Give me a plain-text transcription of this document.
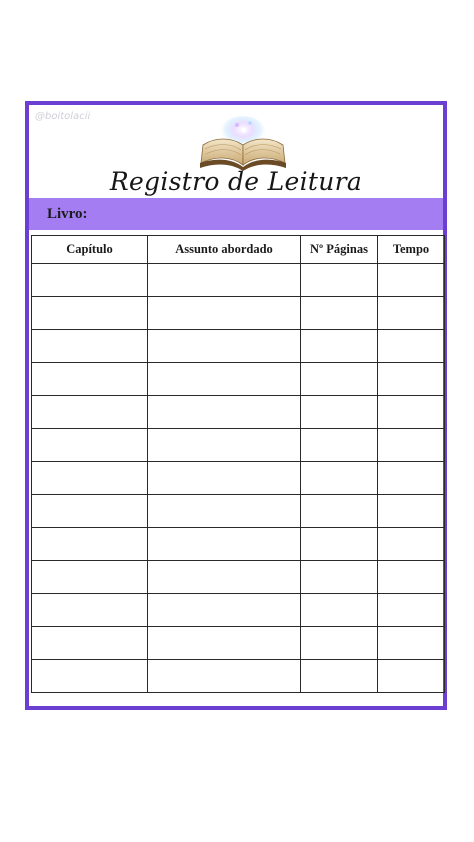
@boitolacii
Registro de Leitura
Livro:
Capítulo	Assunto abordado	Nº Páginas	Tempo
